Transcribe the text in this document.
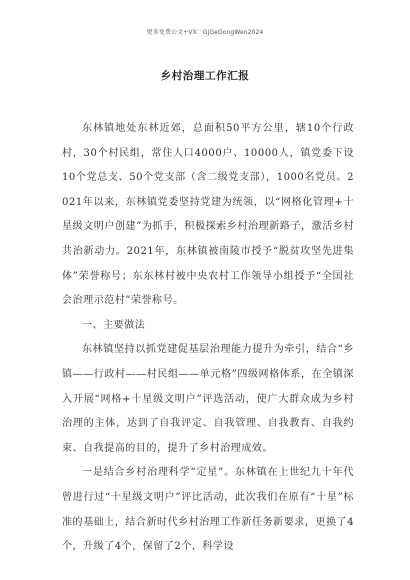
更多免费公文+VX：GjGeGongWen2024
乡村治理工作汇报

东林镇地处东林近郊，总面积50平方公里，辖10个行政村，30个村民组，常住人口4000户、10000人，镇党委下设10个党总支、50个党支部（含二级党支部），1000名党员。2021年以来，东林镇党委坚持党建为统领，以“网格化管理+十星级文明户创建”为抓手，积极探索乡村治理新路子，激活乡村共治新动力。2021年，东林镇被南陵市授予“脱贫攻坚先进集体”荣誉称号；东东林村被中央农村工作领导小组授予“全国社会治理示范村”荣誉称号。

一、主要做法

东林镇坚持以抓党建促基层治理能力提升为牵引，结合“乡镇——行政村——村民组——单元格”四级网格体系，在全镇深入开展“网格+十星级文明户”评选活动，使广大群众成为乡村治理的主体，达到了自我评定、自我管理、自我教育、自我约束、自我提高的目的，提升了乡村治理成效。

一是结合乡村治理科学“定星”。东林镇在上世纪九十年代曾进行过“十星级文明户”评比活动，此次我们在原有“十星”标准的基础上，结合新时代乡村治理工作新任务新要求，更换了4个，升级了4个，保留了2个，科学设
